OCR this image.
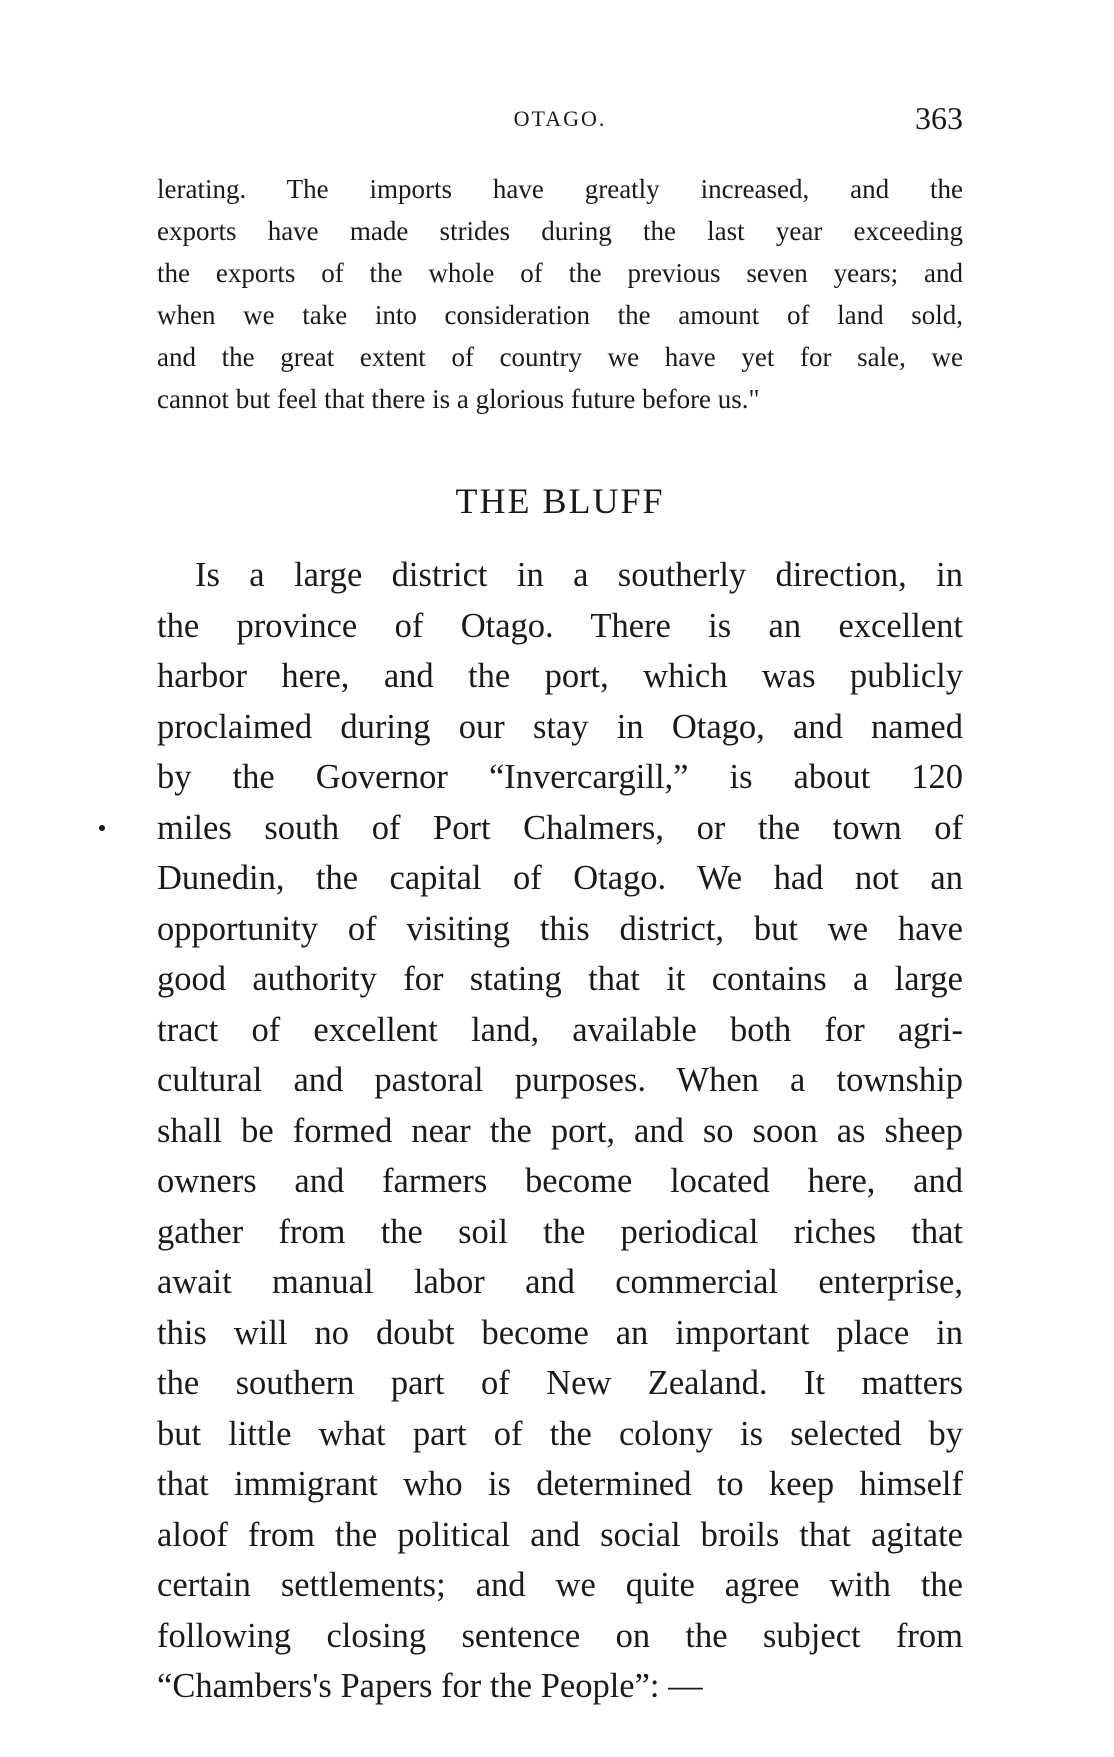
OTAGO.	363
lerating. The imports have greatly increased, and the
exports have made strides during the last year exceeding
the exports of the whole of the previous seven years; and
when we take into consideration the amount of land sold,
and the great extent of country we have yet for sale, we
cannot but feel that there is a glorious future before us."
THE BLUFF
Is a large district in a southerly direction, in
the province of Otago. There is an excellent
harbor here, and the port, which was publicly
proclaimed during our stay in Otago, and named
by the Governor “Invercargill,” is about 120
miles south of Port Chalmers, or the town of
Dunedin, the capital of Otago. We had not an
opportunity of visiting this district, but we have
good authority for stating that it contains a large
tract of excellent land, available both for agri-
cultural and pastoral purposes. When a township
shall be formed near the port, and so soon as sheep
owners and farmers become located here, and
gather from the soil the periodical riches that
await manual labor and commercial enterprise,
this will no doubt become an important place in
the southern part of New Zealand. It matters
but little what part of the colony is selected by
that immigrant who is determined to keep himself
aloof from the political and social broils that agitate
certain settlements; and we quite agree with the
following closing sentence on the subject from
“Chambers's Papers for the People”: —
